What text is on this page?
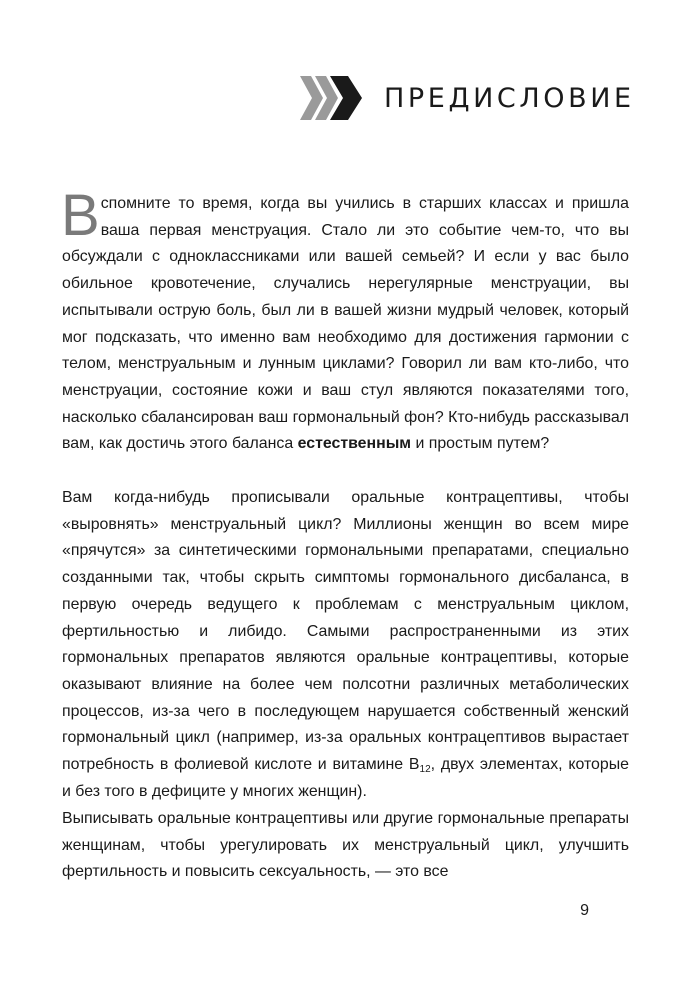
ПРЕДИСЛОВИЕ

Вспомните то время, когда вы учились в старших классах и пришла ваша первая менструация. Стало ли это событие чем-то, что вы обсуждали с одноклассниками или вашей семьей? И если у вас было обильное кровотечение, случались нерегулярные менструации, вы испытывали острую боль, был ли в вашей жизни мудрый человек, который мог подсказать, что именно вам необходимо для достижения гармонии с телом, менструальным и лунным циклами? Говорил ли вам кто-либо, что менструации, состояние кожи и ваш стул являются показателями того, насколько сбалансирован ваш гормональный фон? Кто-нибудь рассказывал вам, как достичь этого баланса естественным и простым путем?

Вам когда-нибудь прописывали оральные контрацептивы, чтобы «выровнять» менструальный цикл? Миллионы женщин во всем мире «прячутся» за синтетическими гормональными препаратами, специально созданными так, чтобы скрыть симптомы гормонального дисбаланса, в первую очередь ведущего к проблемам с менструальным циклом, фертильностью и либидо. Самыми распространенными из этих гормональных препаратов являются оральные контрацептивы, которые оказывают влияние на более чем полсотни различных метаболических процессов, из-за чего в последующем нарушается собственный женский гормональный цикл (например, из-за оральных контрацептивов вырастает потребность в фолиевой кислоте и витамине $В_{12}$, двух элементах, которые и без того в дефиците у многих женщин).

Выписывать оральные контрацептивы или другие гормональные препараты женщинам, чтобы урегулировать их менструальный цикл, улучшить фертильность и повысить сексуальность, — это все

9
